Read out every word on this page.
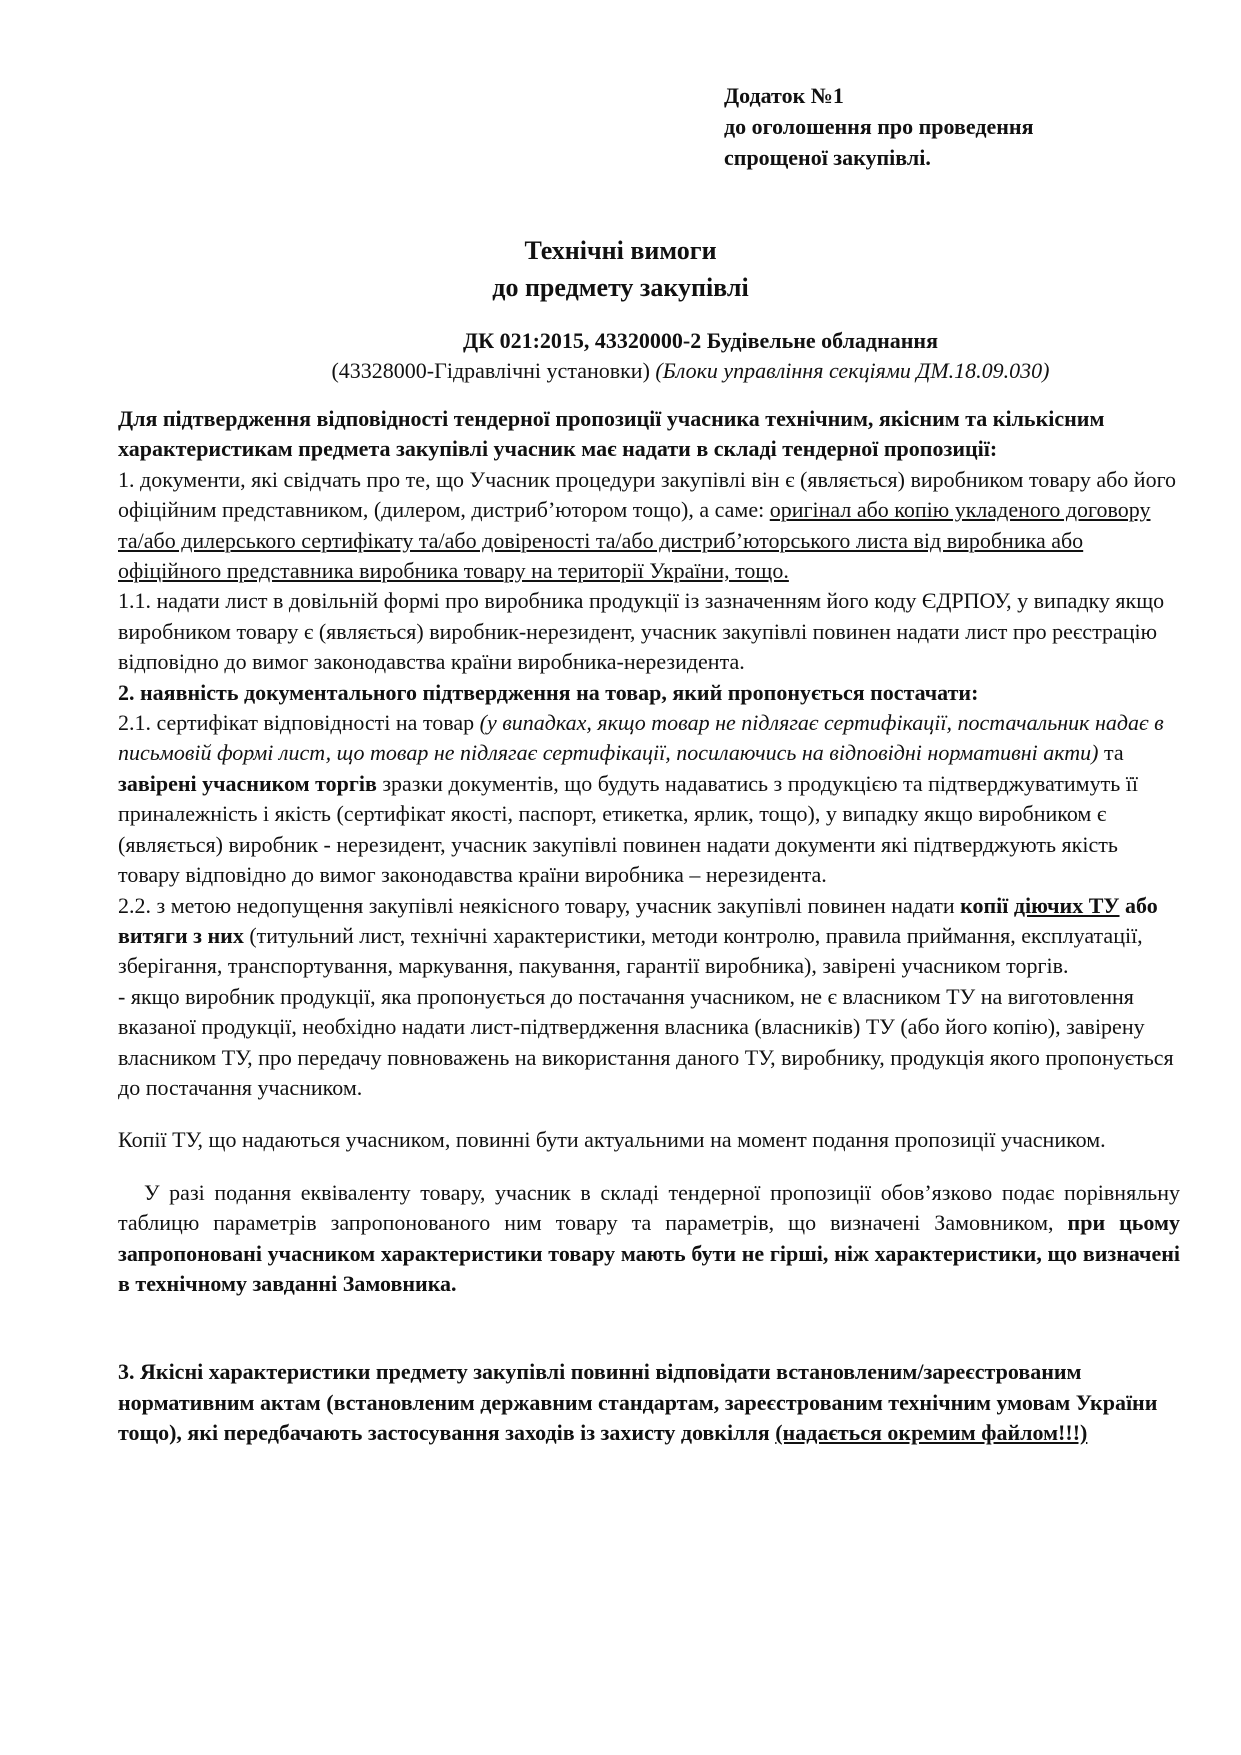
Додаток №1
до оголошення про проведення
спрощеної закупівлі.
Технічні вимоги
до предмету закупівлі
ДК 021:2015, 43320000-2 Будівельне обладнання
(43328000-Гідравлічні установки) (Блоки управління секціями ДМ.18.09.030)

Для підтвердження відповідності тендерної пропозиції учасника технічним, якісним та кількісним характеристикам предмета закупівлі учасник має надати в складі тендерної пропозиції:

1. документи, які свідчать про те, що Учасник процедури закупівлі він є (являється) виробником товару або його офіційним представником, (дилером, дистриб’ютором тощо), а саме: оригінал або копію укладеного договору та/або дилерського сертифікату та/або довіреності та/або дистриб’юторського листа від виробника або офіційного представника виробника товару на території України, тощо.

1.1. надати лист в довільній формі про виробника продукції із зазначенням його коду ЄДРПОУ, у випадку якщо виробником товару є (являється) виробник-нерезидент, учасник закупівлі повинен надати лист про реєстрацію відповідно до вимог законодавства країни виробника-нерезидента.

2. наявність документального підтвердження на товар, який пропонується постачати:

2.1. сертифікат відповідності на товар (у випадках, якщо товар не підлягає сертифікації, постачальник надає в письмовій формі лист, що товар не підлягає сертифікації, посилаючись на відповідні нормативні акти) та завірені учасником торгів зразки документів, що будуть надаватись з продукцією та підтверджуватимуть її приналежність і якість (сертифікат якості, паспорт, етикетка, ярлик, тощо), у випадку якщо виробником є (являється) виробник - нерезидент, учасник закупівлі повинен надати документи які підтверджують якість товару відповідно до вимог законодавства країни виробника – нерезидента.

2.2. з метою недопущення закупівлі неякісного товару, учасник закупівлі повинен надати копії діючих ТУ або витяги з них (титульний лист, технічні характеристики, методи контролю, правила приймання, експлуатації, зберігання, транспортування, маркування, пакування, гарантії виробника), завірені учасником торгів.

- якщо виробник продукції, яка пропонується до постачання учасником, не є власником ТУ на виготовлення вказаної продукції, необхідно надати лист-підтвердження власника (власників) ТУ (або його копію), завірену власником ТУ, про передачу повноважень на використання даного ТУ, виробнику, продукція якого пропонується до постачання учасником.

Копії ТУ, що надаються учасником, повинні бути актуальними на момент подання пропозиції учасником.

У разі подання еквіваленту товару, учасник в складі тендерної пропозиції обов’язково подає порівняльну таблицю параметрів запропонованого ним товару та параметрів, що визначені Замовником, при цьому запропоновані учасником характеристики товару мають бути не гірші, ніж характеристики, що визначені в технічному завданні Замовника.

3. Якісні характеристики предмету закупівлі повинні відповідати встановленим/зареєстрованим нормативним актам (встановленим державним стандартам, зареєстрованим технічним умовам України тощо), які передбачають застосування заходів із захисту довкілля (надається окремим файлом!!!)
